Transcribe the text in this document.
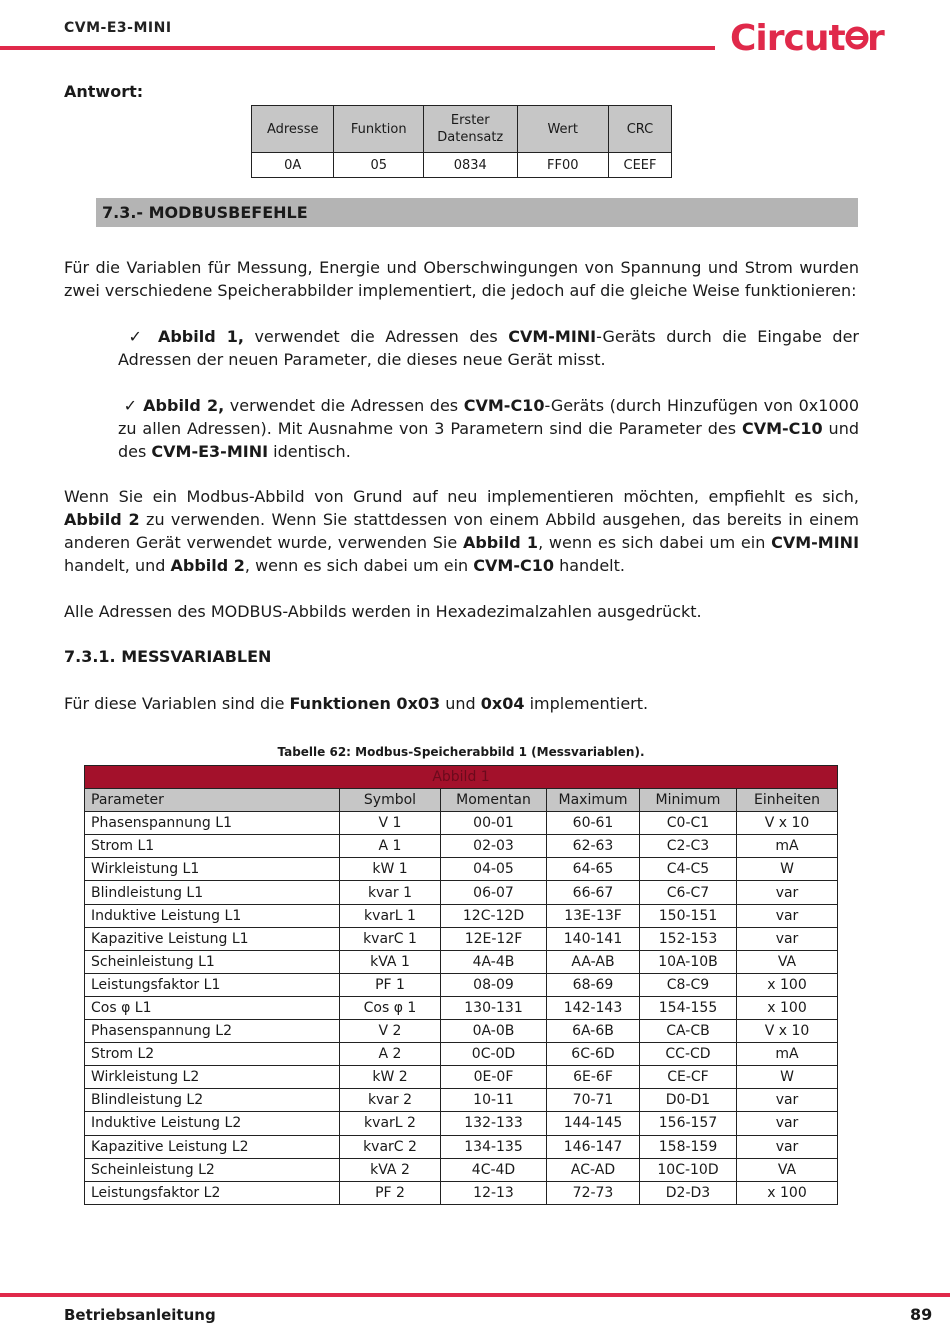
CVM-E3-MINI	Circut r
Antwort:
Adresse	Funktion	Erster Datensatz	Wert	CRC
0A	05	0834	FF00	CEEF
7.3.- MODBUSBEFEHLE
Für die Variablen für Messung, Energie und Oberschwingungen von Spannung und Strom wurden zwei verschiedene Speicherabbilder implementiert, die jedoch auf die gleiche Weise funktionieren:
✓ Abbild 1, verwendet die Adressen des CVM-MINI-Geräts durch die Eingabe der Adressen der neuen Parameter, die dieses neue Gerät misst.
✓ Abbild 2, verwendet die Adressen des CVM-C10-Geräts (durch Hinzufügen von 0x1000 zu allen Adressen). Mit Ausnahme von 3 Parametern sind die Parameter des CVM-C10 und des CVM-E3-MINI identisch.
Wenn Sie ein Modbus-Abbild von Grund auf neu implementieren möchten, empfiehlt es sich, Abbild 2 zu verwenden. Wenn Sie stattdessen von einem Abbild ausgehen, das bereits in einem anderen Gerät verwendet wurde, verwenden Sie Abbild 1, wenn es sich dabei um ein CVM-MINI handelt, und Abbild 2, wenn es sich dabei um ein CVM-C10 handelt.
Alle Adressen des MODBUS-Abbilds werden in Hexadezimalzahlen ausgedrückt.
7.3.1. MESSVARIABLEN
Für diese Variablen sind die Funktionen 0x03 und 0x04 implementiert.
Tabelle 62: Modbus-Speicherabbild 1 (Messvariablen).
Abbild 1					
Parameter	Symbol	Momentan	Maximum	Minimum	Einheiten
Phasenspannung L1	V 1	00-01	60-61	C0-C1	V x 10
Strom L1	A 1	02-03	62-63	C2-C3	mA
Wirkleistung L1	kW 1	04-05	64-65	C4-C5	W
Blindleistung L1	kvar 1	06-07	66-67	C6-C7	var
Induktive Leistung L1	kvarL 1	12C-12D	13E-13F	150-151	var
Kapazitive Leistung L1	kvarC 1	12E-12F	140-141	152-153	var
Scheinleistung L1	kVA 1	4A-4B	AA-AB	10A-10B	VA
Leistungsfaktor L1	PF 1	08-09	68-69	C8-C9	x 100
Cos φ L1	Cos φ 1	130-131	142-143	154-155	x 100
Phasenspannung L2	V 2	0A-0B	6A-6B	CA-CB	V x 10
Strom L2	A 2	0C-0D	6C-6D	CC-CD	mA
Wirkleistung L2	kW 2	0E-0F	6E-6F	CE-CF	W
Blindleistung L2	kvar 2	10-11	70-71	D0-D1	var
Induktive Leistung L2	kvarL 2	132-133	144-145	156-157	var
Kapazitive Leistung L2	kvarC 2	134-135	146-147	158-159	var
Scheinleistung L2	kVA 2	4C-4D	AC-AD	10C-10D	VA
Leistungsfaktor L2	PF 2	12-13	72-73	D2-D3	x 100
Betriebsanleitung	89
